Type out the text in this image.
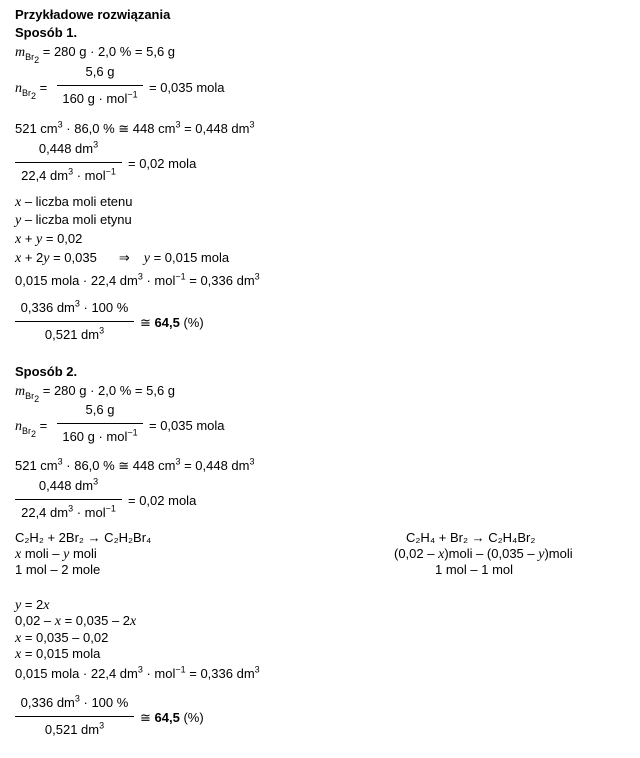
Przykładowe rozwiązania
Sposób 1.
$m_{Br_2} = 280$ g · 2,0 % = 5,6 g
$n_{Br_2}$ =
5,6 g
160 g · mol$^{-1}$ = 0,035 mola
521 $cm^3 \cdot 86,0$ % ≅ 448 $cm^3 = 0,448$ $dm^3$
0,448 $dm^3$
22,4 $dm^3 \cdot mol^{-1}$
= 0,02 mola
x – liczba moli etenu
y – liczba moli etynu
x + y = 0,02
x + 2y = 0,035 ⇒ y = 0,015 mola
0,015 mola · 22,4 $dm^3 \cdot mol^{-1} = 0,336$ $dm^3$
0,336 $dm^3 \cdot 100$ %
0,521 $dm^3$
≅ 64,5 (%)
Sposób 2.
$m_{Br_2} = 280$ g · 2,0 % = 5,6 g
$n_{Br_2}$ =
5,6 g
160 g · mol$^{-1}$ = 0,035 mola
521 $cm^3 \cdot 86,0$ % ≅ 448 $cm^3 = 0,448$ $dm^3$
0,448 $dm^3$
22,4 $dm^3 \cdot mol^{-1}$
= 0,02 mola
C₂H₂ + 2Br₂ → C₂H₂Br₄
x moli – y moli
1 mol – 2 mole
C₂H₄ + Br₂ → C₂H₄Br₂
(0,02 – x)moli – (0,035 – y)moli
1 mol – 1 mol
y = 2x
0,02 – x = 0,035 – 2x
x = 0,035 – 0,02
x = 0,015 mola
0,015 mola · 22,4 $dm^3 \cdot mol^{-1} = 0,336$ $dm^3$
0,336 $dm^3 \cdot 100$ %
0,521 $dm^3$
≅ 64,5 (%)
